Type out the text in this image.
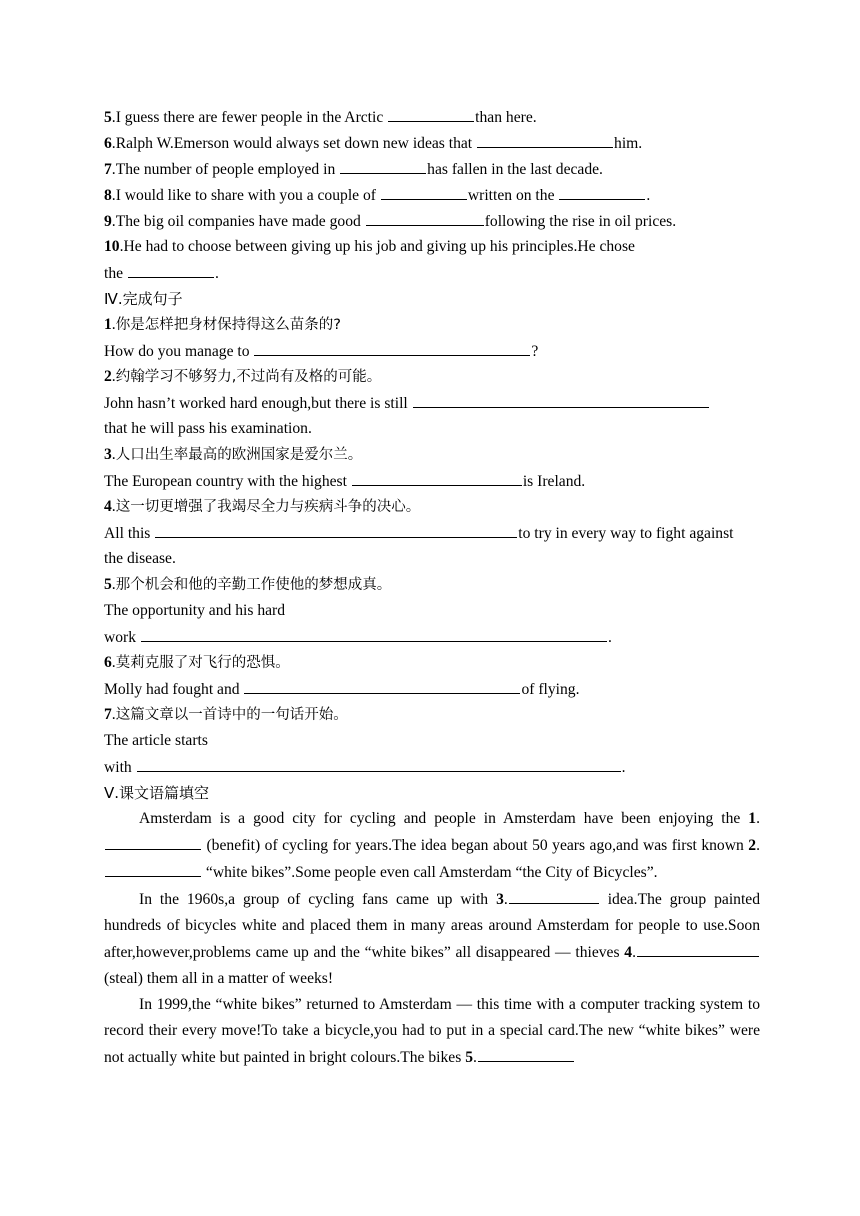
5.I guess there are fewer people in the Arctic	than here.
6.Ralph W.Emerson would always set down new ideas that	him.
7.The number of people employed in	has fallen in the last decade.
8.I would like to share with you a couple of	written on the	.
9.The big oil companies have made good	following the rise in oil prices.
10.He had to choose between giving up his job and giving up his principles.He chose
the	.
Ⅳ.完成句子
1.你是怎样把身材保持得这么苗条的?
How do you manage to	?
2.约翰学习不够努力,不过尚有及格的可能。
John hasn’t worked hard enough,but there is still
that he will pass his examination.
3.人口出生率最高的欧洲国家是爱尔兰。
The European country with the highest	is Ireland.
4.这一切更增强了我竭尽全力与疾病斗争的决心。
All this	to try in every way to fight against
the disease.
5.那个机会和他的辛勤工作使他的梦想成真。
The opportunity and his hard
work	.
6.莫莉克服了对飞行的恐惧。
Molly had fought and	of flying.
7.这篇文章以一首诗中的一句话开始。
The article starts
with	.
Ⅴ.课文语篇填空
Amsterdam is a good city for cycling and people in Amsterdam have been enjoying the 1. (benefit) of cycling for years.The idea began about 50 years ago,and was first known 2. “white bikes”.Some people even call Amsterdam “the City of Bicycles”.
In the 1960s,a group of cycling fans came up with 3.	idea.The group painted hundreds of bicycles white and placed them in many areas around Amsterdam for people to use.Soon after,however,problems came up and the “white bikes” all disappeared — thieves 4. (steal) them all in a matter of weeks!
In 1999,the “white bikes” returned to Amsterdam — this time with a computer tracking system to record their every move!To take a bicycle,you had to put in a special card.The new “white bikes” were not actually white but painted in bright colours.The bikes 5.
